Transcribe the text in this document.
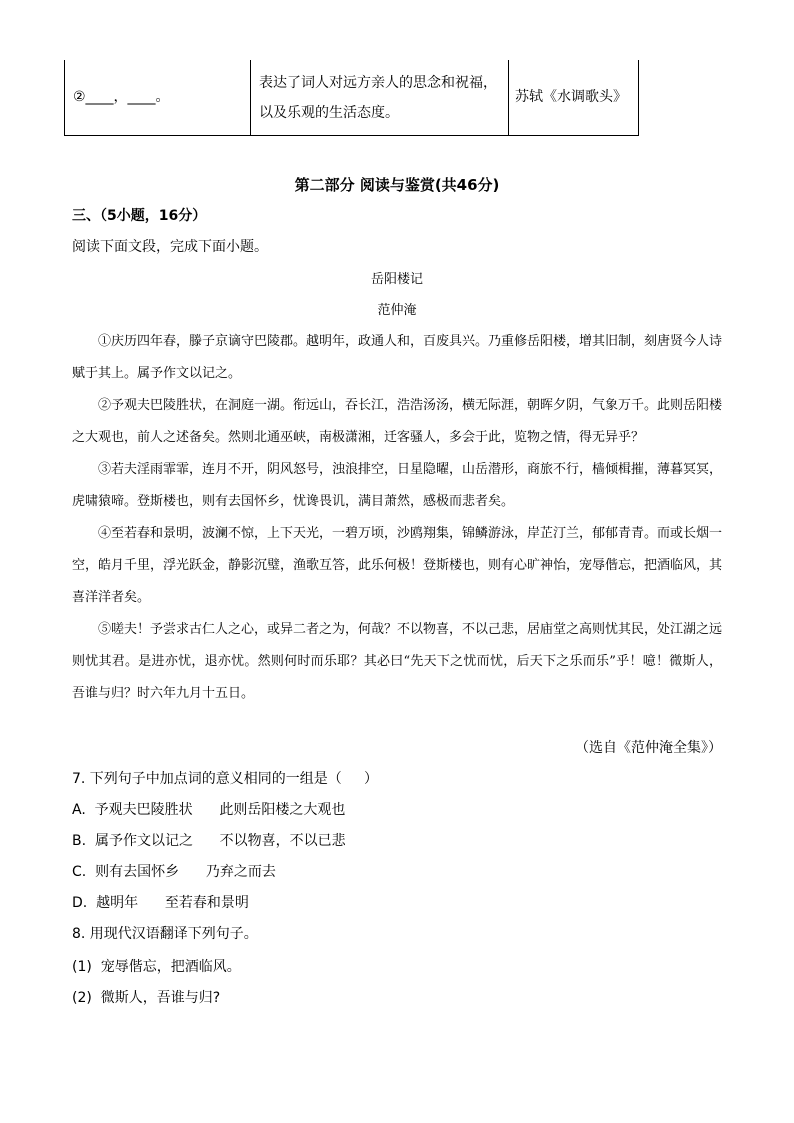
②____，____。
表达了词人对远方亲人的思念和祝福，
以及乐观的生活态度。
苏轼《水调歌头》
第二部分 阅读与鉴赏(共46分)
三、（5小题，16分）
阅读下面文段，完成下面小题。
岳阳楼记
范仲淹

①庆历四年春，滕子京谪守巴陵郡。越明年，政通人和，百废具兴。乃重修岳阳楼，增其旧制，刻唐贤今人诗赋于其上。属予作文以记之。

②予观夫巴陵胜状，在洞庭一湖。衔远山，吞长江，浩浩汤汤，横无际涯，朝晖夕阴，气象万千。此则岳阳楼之大观也，前人之述备矣。然则北通巫峡，南极潇湘，迁客骚人，多会于此，览物之情，得无异乎？

③若夫淫雨霏霏，连月不开，阴风怒号，浊浪排空，日星隐曜，山岳潜形，商旅不行，樯倾楫摧，薄暮冥冥，虎啸猿啼。登斯楼也，则有去国怀乡，忧谗畏讥，满目萧然，感极而悲者矣。

④至若春和景明，波澜不惊，上下天光，一碧万顷，沙鸥翔集，锦鳞游泳，岸芷汀兰，郁郁青青。而或长烟一空，皓月千里，浮光跃金，静影沉璧，渔歌互答，此乐何极！登斯楼也，则有心旷神怡，宠辱偕忘，把酒临风，其喜洋洋者矣。

⑤嗟夫！予尝求古仁人之心，或异二者之为，何哉？不以物喜，不以己悲，居庙堂之高则忧其民，处江湖之远则忧其君。是进亦忧，退亦忧。然则何时而乐耶？其必曰“先天下之忧而忧，后天下之乐而乐”乎！噫！微斯人，吾谁与归？时六年九月十五日。

（选自《范仲淹全集》）
7. 下列句子中加点词的意义相同的一组是（     ）
A.  予观夫巴陵胜状      此则岳阳楼之大观也
B.  属予作文以记之      不以物喜，不以已悲
C.  则有去国怀乡      乃弃之而去
D.  越明年      至若春和景明
8. 用现代汉语翻译下列句子。
(1)  宠辱偕忘，把酒临风。
(2)  微斯人，吾谁与归?
